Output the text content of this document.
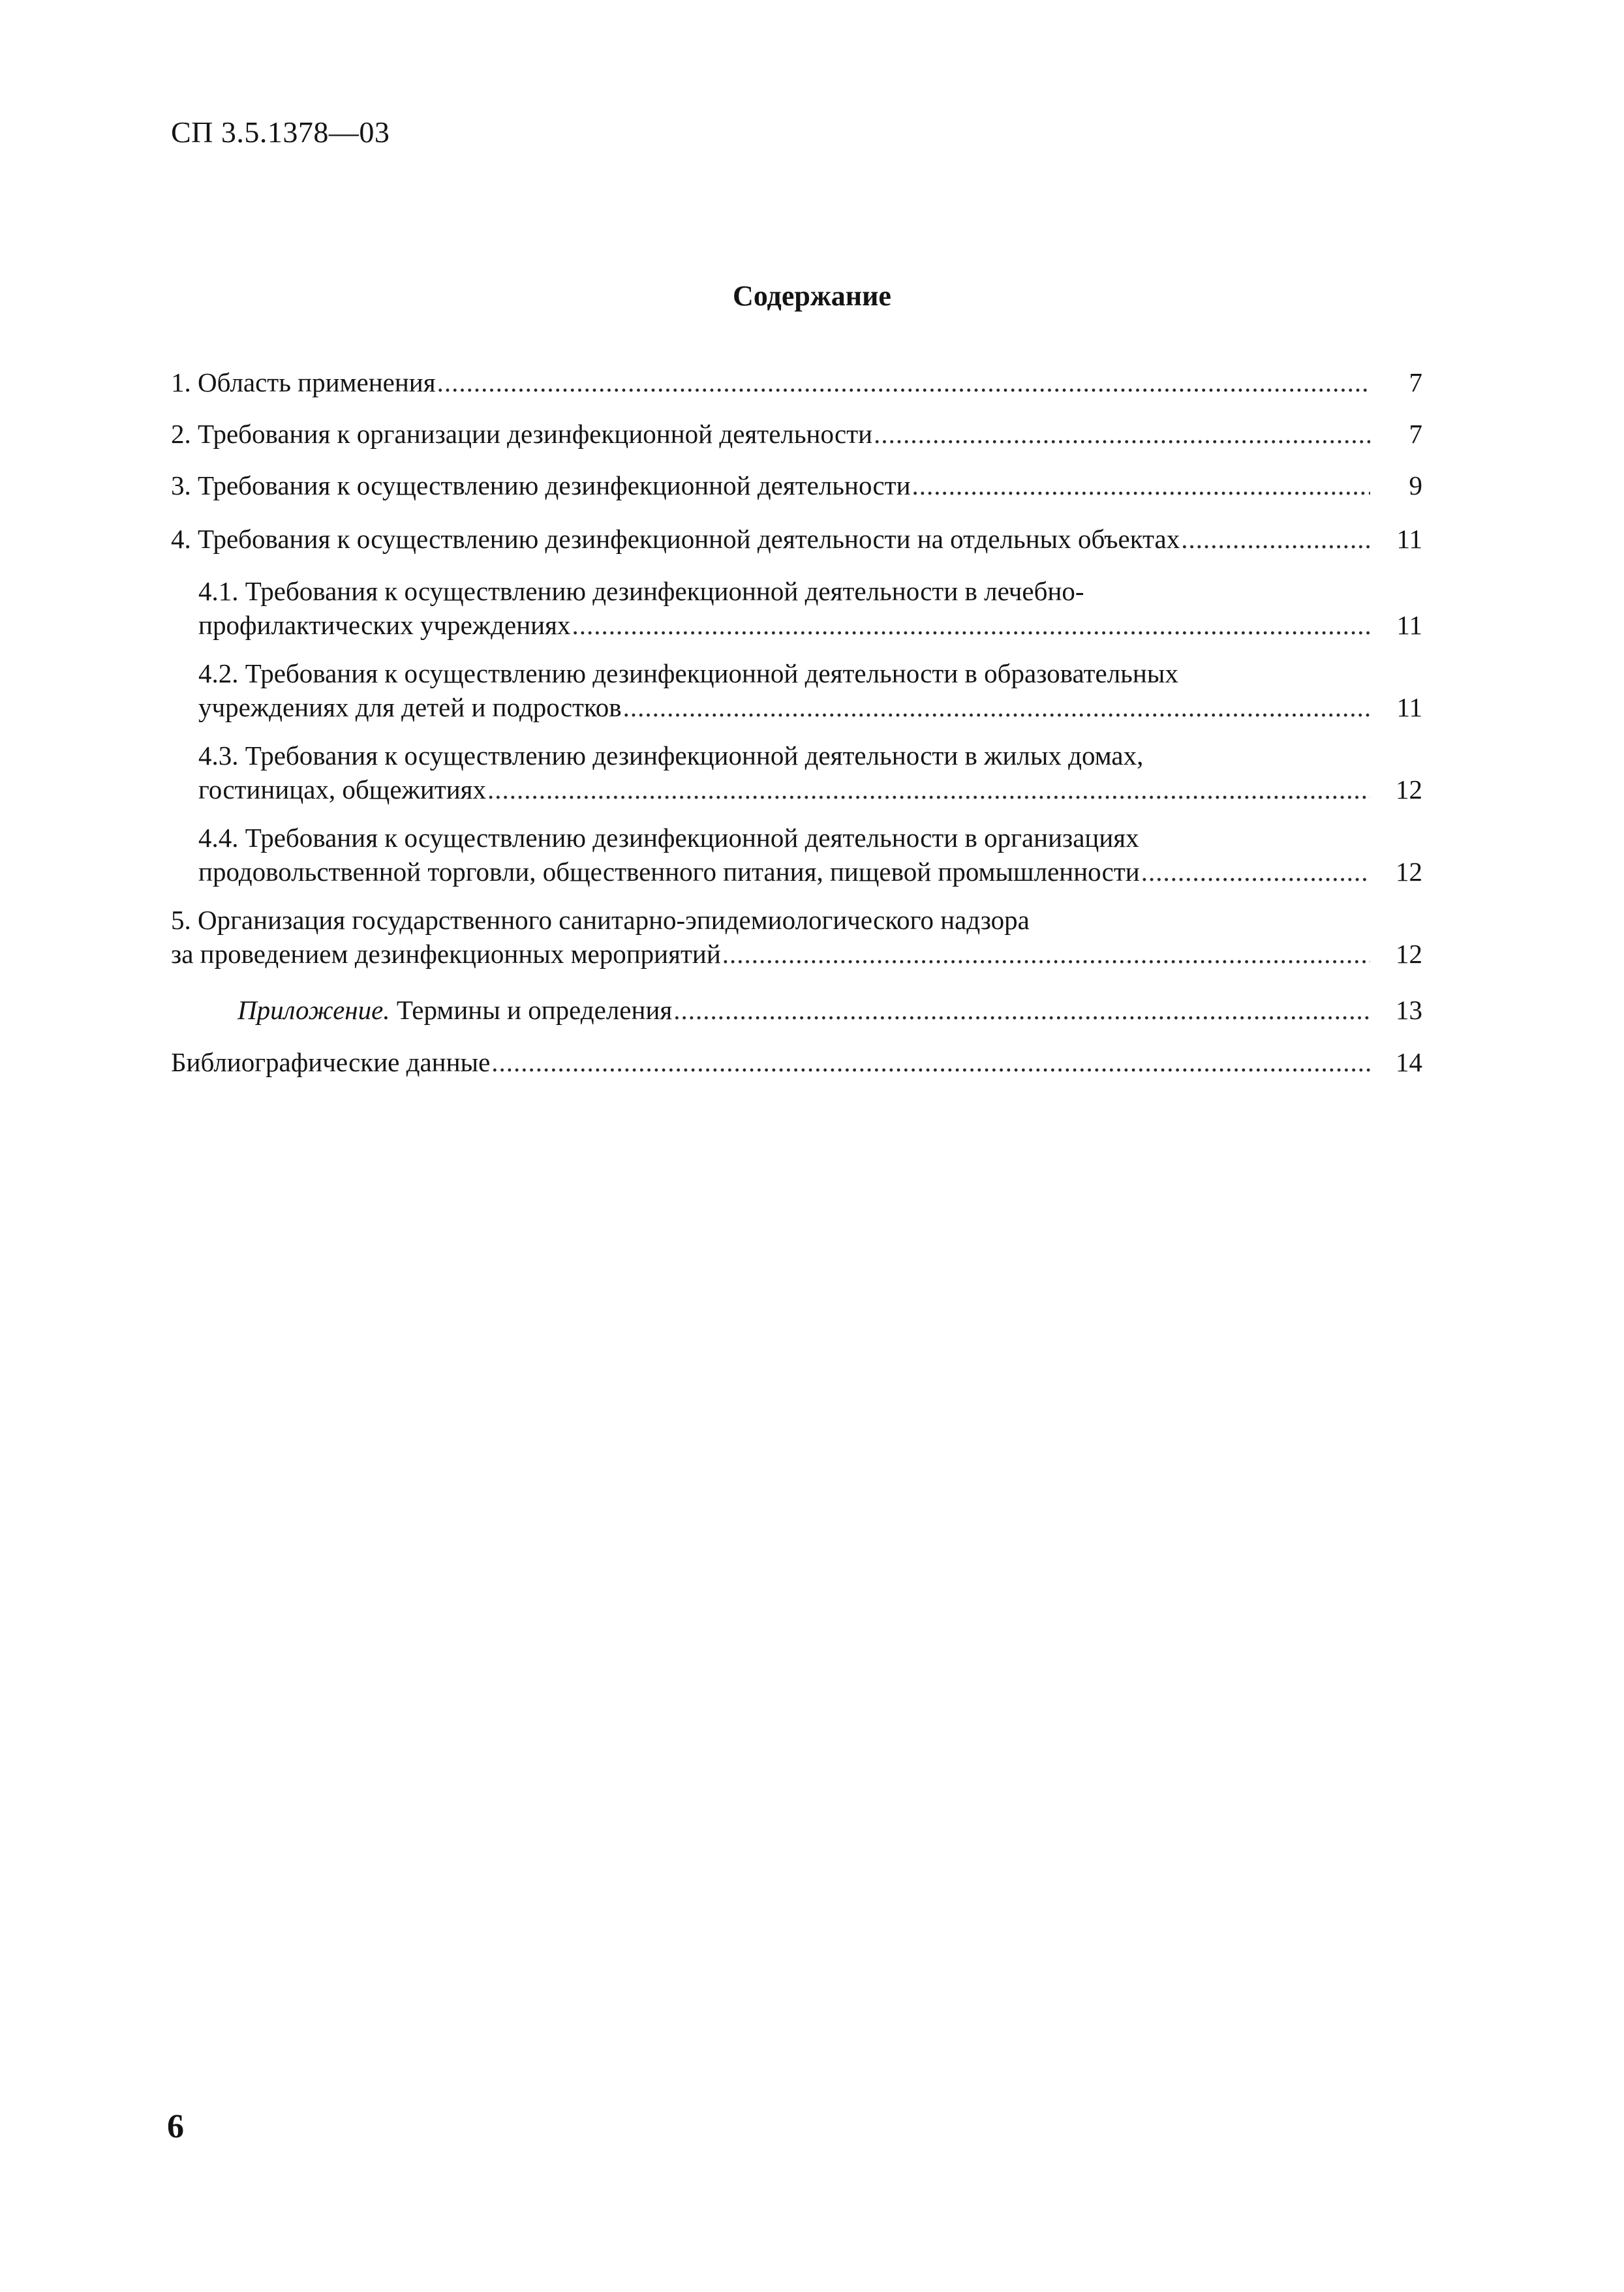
СП 3.5.1378—03
Содержание
1. Область применения .....	7
2. Требования к организации дезинфекционной деятельности .....	7
3. Требования к осуществлению дезинфекционной деятельности .....	9
4. Требования к осуществлению дезинфекционной деятельности на отдельных объектах .....	11
4.1. Требования к осуществлению дезинфекционной деятельности в лечебно-
профилактических учреждениях .....	11
4.2. Требования к осуществлению дезинфекционной деятельности в образовательных
учреждениях для детей и подростков .....	11
4.3. Требования к осуществлению дезинфекционной деятельности в жилых домах,
гостиницах, общежитиях .....	12
4.4. Требования к осуществлению дезинфекционной деятельности в организациях
продовольственной торговли, общественного питания, пищевой промышленности .....	12
5. Организация государственного санитарно-эпидемиологического надзора
за проведением дезинфекционных мероприятий .....	12
Приложение. Термины и определения .....	13
Библиографические данные .....	14
6
